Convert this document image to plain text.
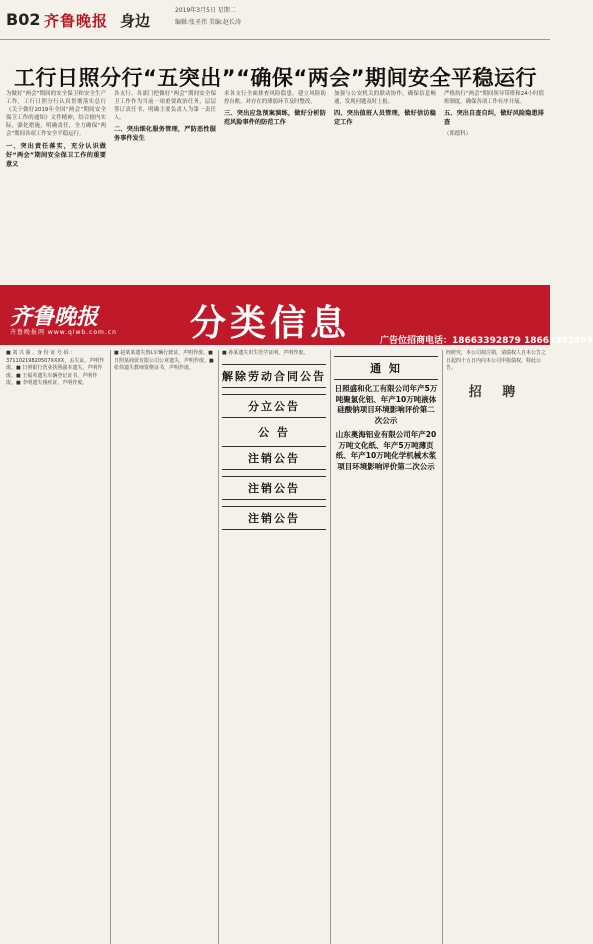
B02 齐鲁晚报 身边
2019年3月5日 星期二
编辑:张圣伟 美编:赵长涛
工行日照分行“五突出”“确保“两会”期间安全平稳运行
为做好“两会”期间的安全保卫和安全生产工作，工行日照分行认真贯彻落实总行《关于做好2019年全国“两会”期间安全保卫工作的通知》文件精神，结合辖内实际，强化措施，明确责任，全力确保“两会”期间各项工作安全平稳运行。
一、突出责任落实，充分认识做好“两会”期间安全保卫工作的重要意义
各支行、各部门把做好“两会”期间安全保卫工作作为当前一项重要政治任务，层层签订责任书，明确主要负责人为第一责任人。
二、突出细化服务管理，严防恶性服务事件发生
求各支行全面排查风险隐患，建立风险防控台账，对存在的薄弱环节及时整改。
三、突出应急预案演练，做好分析防范风险事件的防范工作
加强与公安机关的联动协作，确保信息畅通，发现问题及时上报。
四、突出值班人员管理，做好信访稳定工作
严格执行“两会”期间领导带班和24小时值班制度，确保各项工作有序开展。
五、突出自查自纠，做好风险隐患排查
（郑德科）
齐鲁晚报
齐鲁晚报网 www.qlwb.com.cn 分类信息	广告位招商电话：18663392879 18663392869

■ 刘 兴 强 、身 份 证 号 码 ：37110219820507XXXX，丢失证，声明作废。■ 日照银行营业执照副本遗失，声明作废。■ 王福英遗失车辆登记证书，声明作废。■ 李明遗失残疾证，声明作废。

■ 赵某某遗失鲁L车辆行驶证，声明作废。■ 日照某商贸有限公司公章遗失，声明作废。■ 张伟遗失教师资格证书，声明作废。

■ 孙某遗失出生医学证明，声明作废。

解除劳动合同公告
分立公告
公 告
注销公告
注销公告
注销公告
通 知
日照盛和化工有限公司年产5万吨聚氯化铝、年产10万吨液体硅酸钠项目环境影响评价第二次公示
山东奥海铝业有限公司年产20万吨文化纸、年产5万吨薄页纸、年产10万吨化学机械木浆项目环境影响评价第二次公示

经研究，本公司拟注销，请债权人自本公告之日起四十五日内向本公司申报债权，特此公告。

招 聘
